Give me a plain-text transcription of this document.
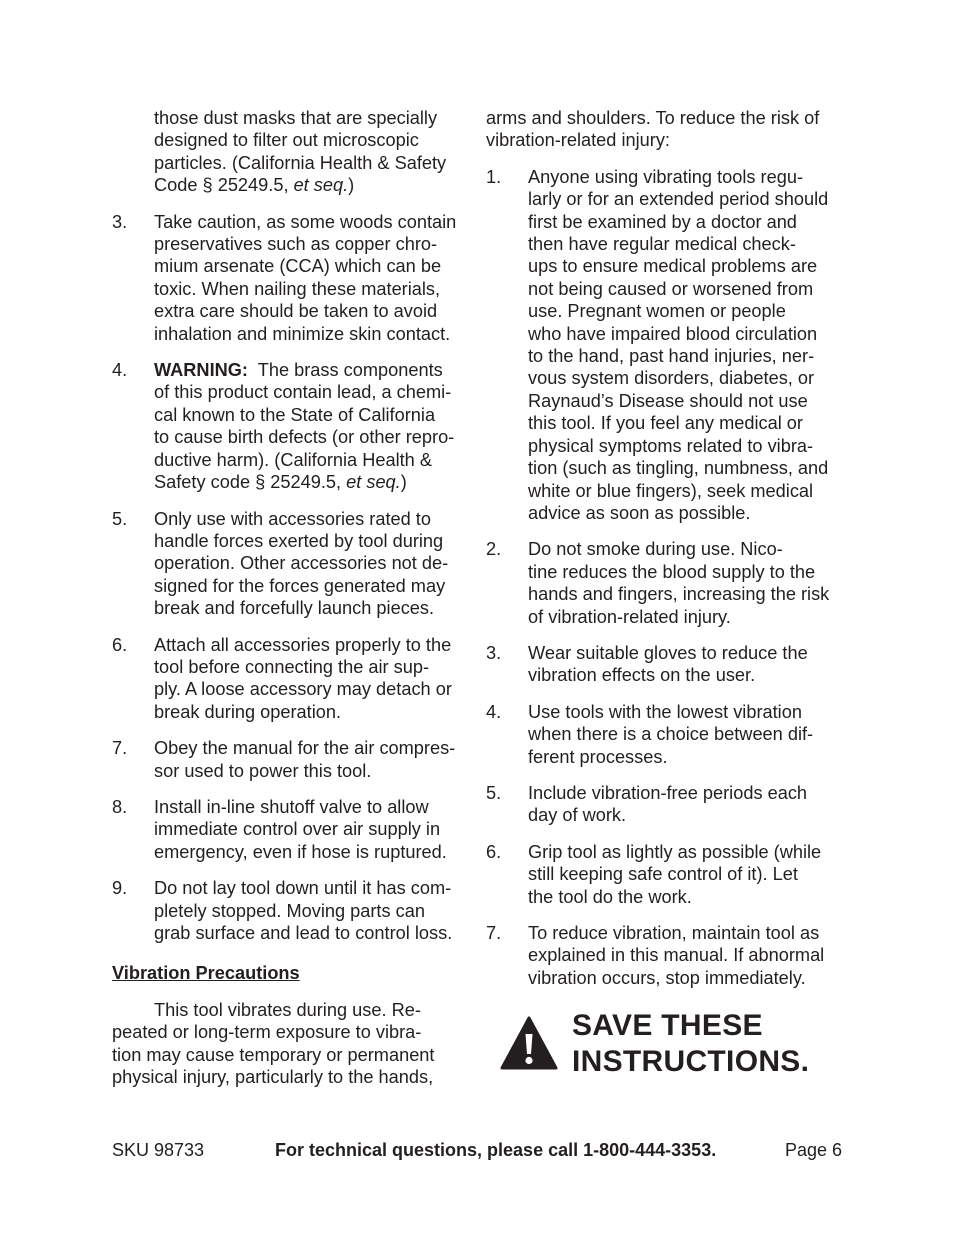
those dust masks that are specially
designed to filter out microscopic
particles. (California Health & Safety
Code § 25249.5, et seq.)
3.	Take caution, as some woods contain
preservatives such as copper chro-
mium arsenate (CCA) which can be
toxic. When nailing these materials,
extra care should be taken to avoid
inhalation and minimize skin contact.
4.	WARNING:  The brass components
of this product contain lead, a chemi-
cal known to the State of California
to cause birth defects (or other repro-
ductive harm). (California Health &
Safety code § 25249.5, et seq.)
5.	Only use with accessories rated to
handle forces exerted by tool during
operation. Other accessories not de-
signed for the forces generated may
break and forcefully launch pieces.
6.	Attach all accessories properly to the
tool before connecting the air sup-
ply. A loose accessory may detach or
break during operation.
7.	Obey the manual for the air compres-
sor used to power this tool.
8.	Install in-line shutoff valve to allow
immediate control over air supply in
emergency, even if hose is ruptured.
9.	Do not lay tool down until it has com-
pletely stopped. Moving parts can
grab surface and lead to control loss.
Vibration Precautions
This tool vibrates during use. Re-
peated or long-term exposure to vibra-
tion may cause temporary or permanent
physical injury, particularly to the hands,
arms and shoulders. To reduce the risk of
vibration-related injury:
1.	Anyone using vibrating tools regu-
larly or for an extended period should
first be examined by a doctor and
then have regular medical check-
ups to ensure medical problems are
not being caused or worsened from
use. Pregnant women or people
who have impaired blood circulation
to the hand, past hand injuries, ner-
vous system disorders, diabetes, or
Raynaud’s Disease should not use
this tool. If you feel any medical or
physical symptoms related to vibra-
tion (such as tingling, numbness, and
white or blue fingers), seek medical
advice as soon as possible.
2.	Do not smoke during use. Nico-
tine reduces the blood supply to the
hands and fingers, increasing the risk
of vibration-related injury.
3.	Wear suitable gloves to reduce the
vibration effects on the user.
4.	Use tools with the lowest vibration
when there is a choice between dif-
ferent processes.
5.	Include vibration-free periods each
day of work.
6.	Grip tool as lightly as possible (while
still keeping safe control of it). Let
the tool do the work.
7.	To reduce vibration, maintain tool as
explained in this manual. If abnormal
vibration occurs, stop immediately.
SAVE THESE
INSTRUCTIONS.
SKU 98733	For technical questions, please call 1-800-444-3353.	Page 6
